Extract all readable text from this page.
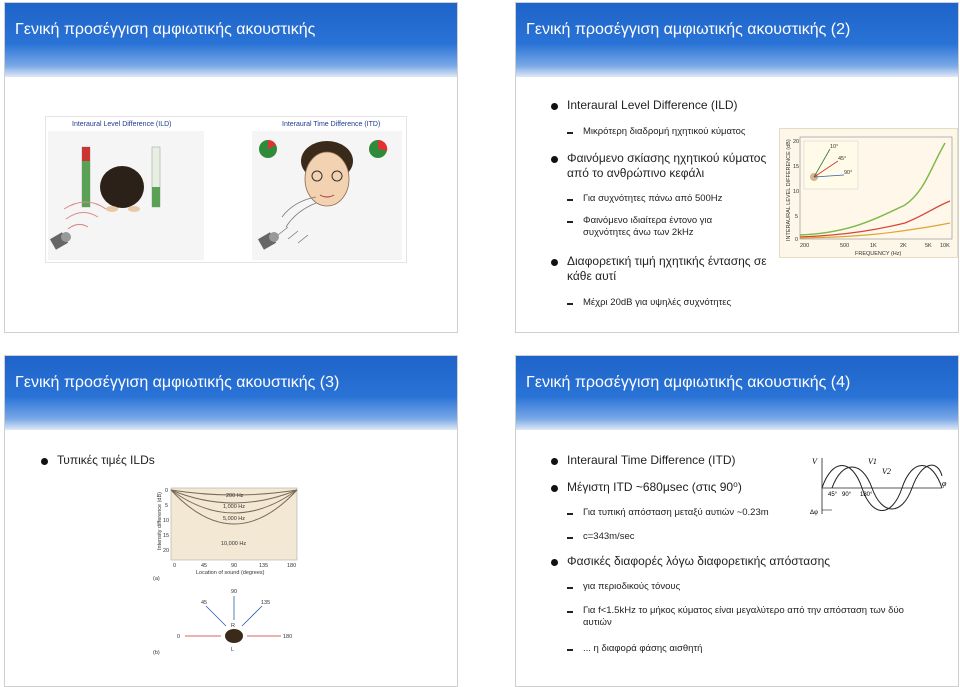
Γενική προσέγγιση αμφιωτικής ακουστικής
Interaural Level Difference (ILD)	Interaural Time Difference (ITD)
Γενική προσέγγιση αμφιωτικής ακουστικής (2)
Interaural Level Difference (ILD)
Μικρότερη διαδρομή ηχητικού κύματος
Φαινόμενο σκίασης ηχητικού κύματος από το ανθρώπινο κεφάλι
Για συχνότητες πάνω από 500Hz
Φαινόμενο ιδιαίτερα έντονο για συχνότητες άνω των 2kHz
Διαφορετική τιμή ηχητικής έντασης σε κάθε αυτί
Μέχρι 20dB για υψηλές συχνότητες
INTERAURAL LEVEL DIFFERENCE (dB) 20
15
10
5
0
200	500	1K	2K	5K 10K
FREQUENCY (Hz)
10°
45°
90°
Γενική προσέγγιση αμφιωτικής ακουστικής (3)
Τυπικές τιμές ILDs
Intensity difference (dB)
0
5
10
15
20
200 Hz
1,000 Hz
5,000 Hz
10,000 Hz
0	45	90	135	180
Location of sound (degrees)
(a)
(b)
90
45	135
0	180
R
L
Γενική προσέγγιση αμφιωτικής ακουστικής (4)
Interaural Time Difference (ITD)
Μέγιστη ITD ~680μsec (στις 90⁰)
Για τυπική απόσταση μεταξύ αυτιών ~0.23m
c=343m/sec
Φασικές διαφορές λόγω διαφορετικής απόστασης
για περιοδικούς τόνους
Για f<1.5kHz το μήκος κύματος είναι μεγαλύτερο από την απόσταση των δύο αυτιών
... η διαφορά φάσης αισθητή
V	V1
V2
φ
45° 90° 180°
Δφ
